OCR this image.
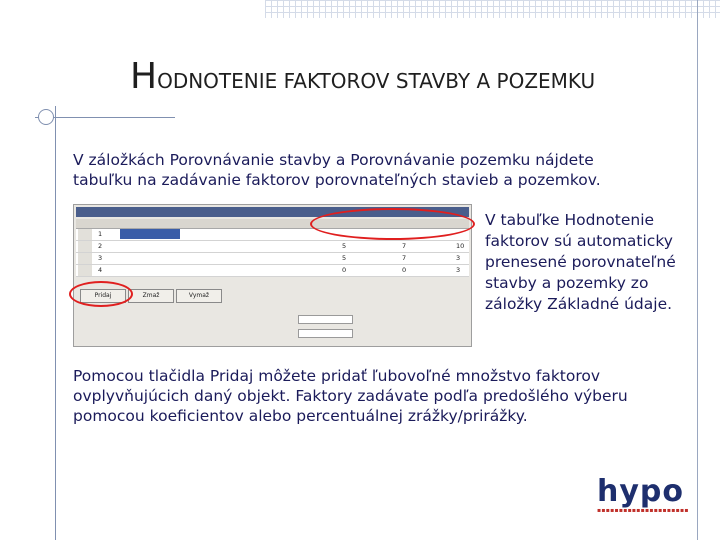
HODNOTENIE FAKTOROV STAVBY A POZEMKU
V záložkách Porovnávanie stavby a Porovnávanie pozemku nájdete tabuľku na zadávanie faktorov porovnateľných stavieb a pozemkov.
1
2	5	7	10
3	5	7	3
4	0	0	3
Pridaj	Zmaž	Vymaž
V tabuľke Hodnotenie faktorov sú automaticky prenesené porovnateľné stavby a pozemky zo záložky Základné údaje.
Pomocou tlačidla Pridaj môžete pridať ľubovoľné množstvo faktorov ovplyvňujúcich daný objekt. Faktory zadávate podľa predošlého výberu pomocou koeficientov alebo percentuálnej zrážky/prirážky.
hypo
▪▪▪▪▪▪▪▪▪▪▪▪▪▪▪▪▪▪▪▪▪
